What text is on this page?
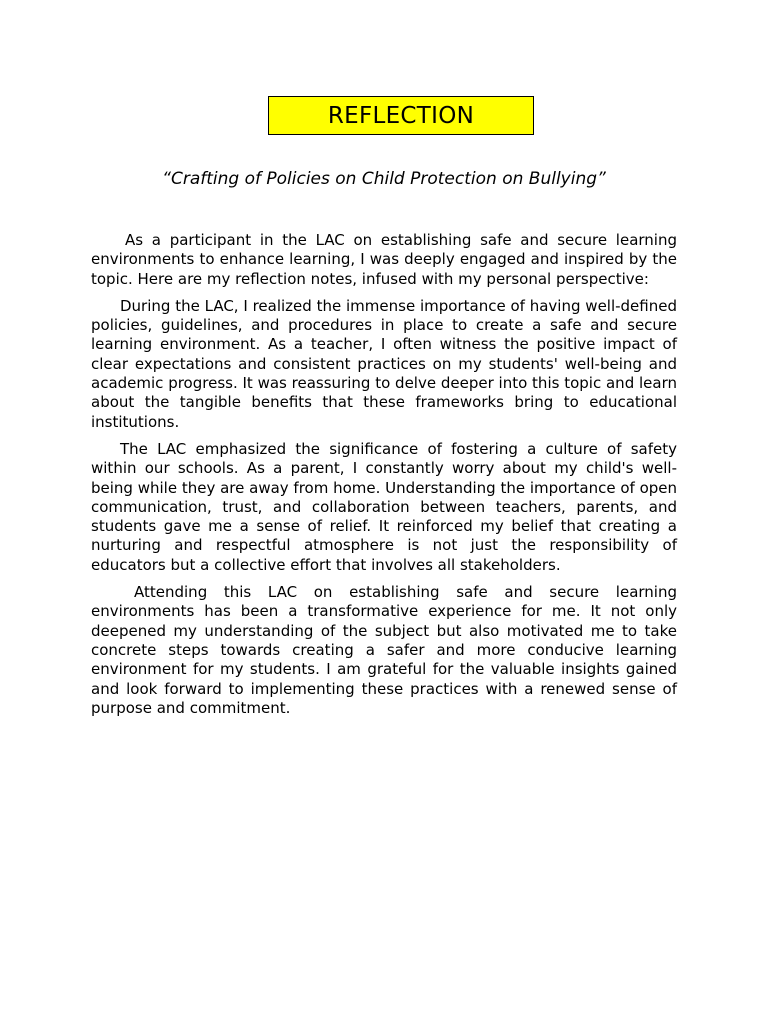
REFLECTION
“Crafting of Policies on Child Protection on Bullying”

As a participant in the LAC on establishing safe and secure learning environments to enhance learning, I was deeply engaged and inspired by the topic. Here are my reflection notes, infused with my personal perspective:

During the LAC, I realized the immense importance of having well-defined policies, guidelines, and procedures in place to create a safe and secure learning environment. As a teacher, I often witness the positive impact of clear expectations and consistent practices on my students' well-being and academic progress. It was reassuring to delve deeper into this topic and learn about the tangible benefits that these frameworks bring to educational institutions.

The LAC emphasized the significance of fostering a culture of safety within our schools. As a parent, I constantly worry about my child's well-being while they are away from home. Understanding the importance of open communication, trust, and collaboration between teachers, parents, and students gave me a sense of relief. It reinforced my belief that creating a nurturing and respectful atmosphere is not just the responsibility of educators but a collective effort that involves all stakeholders.

Attending this LAC on establishing safe and secure learning environments has been a transformative experience for me. It not only deepened my understanding of the subject but also motivated me to take concrete steps towards creating a safer and more conducive learning environment for my students. I am grateful for the valuable insights gained and look forward to implementing these practices with a renewed sense of purpose and commitment.
